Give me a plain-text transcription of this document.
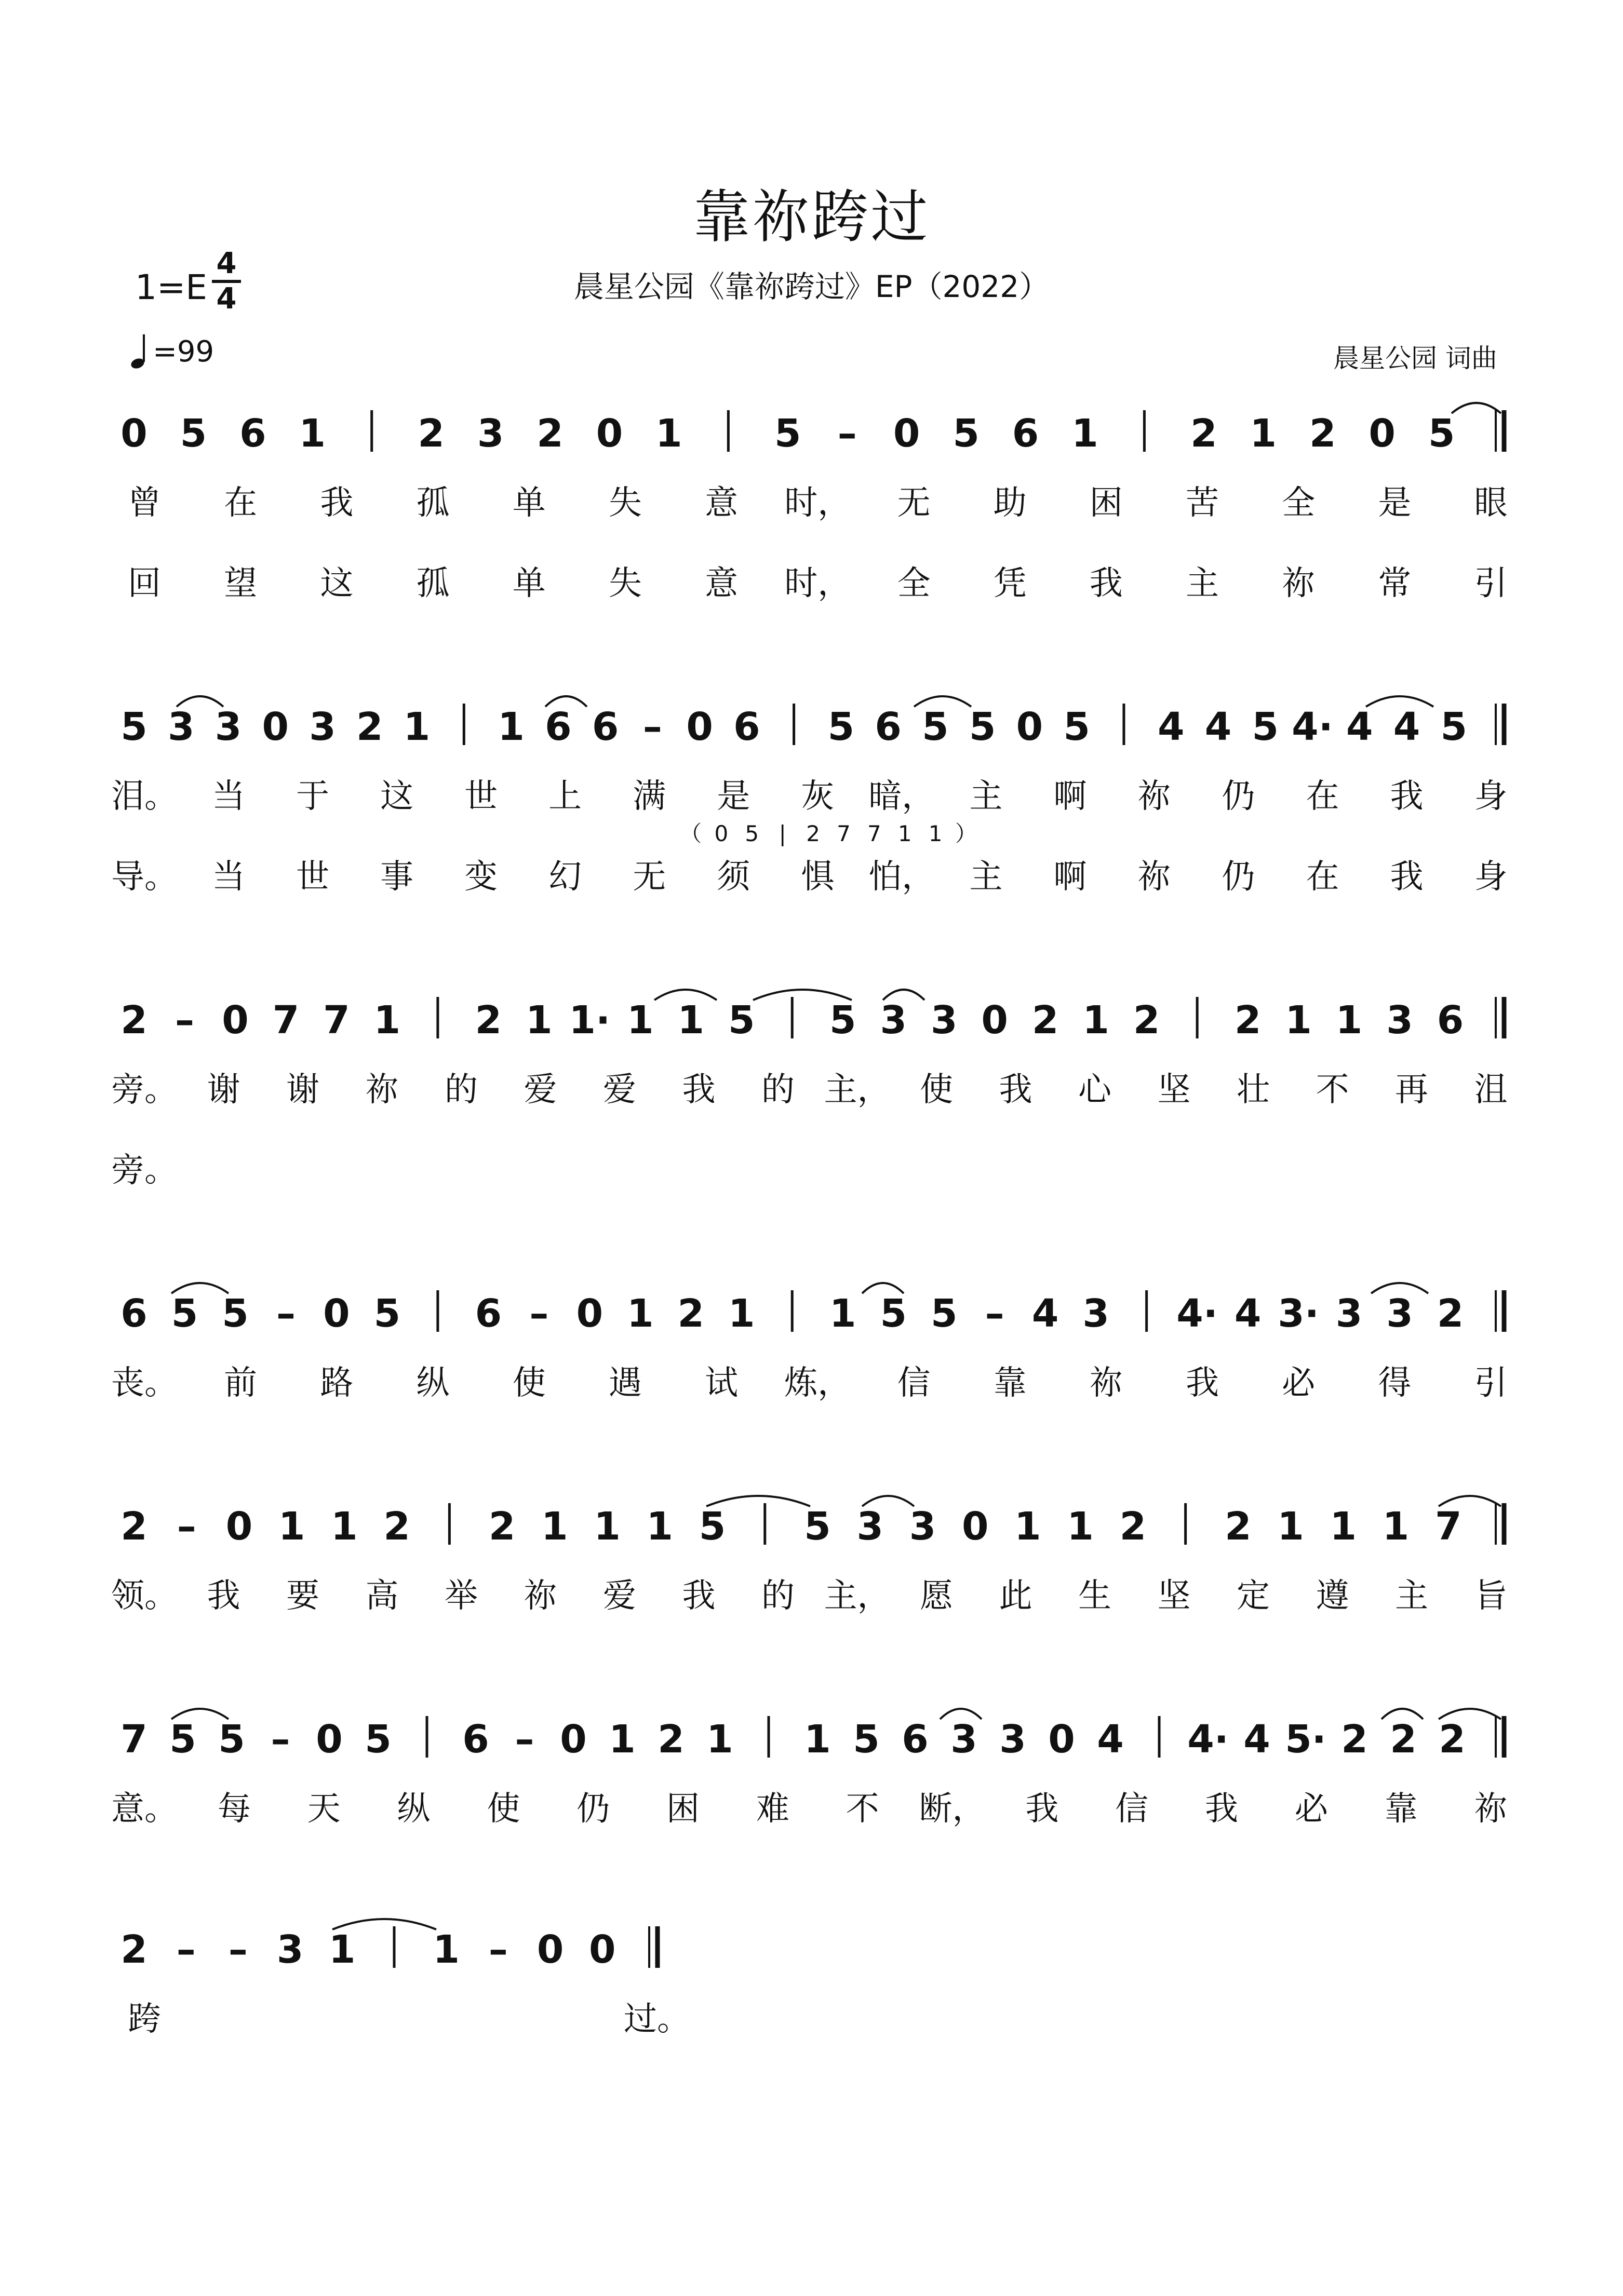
靠祢跨过
晨星公园《靠祢跨过》EP（2022）
1=E
4
4
=99	晨星公园 词曲
0 5 6 1 2 3 2 0 1 5 – 0 5 6 1 2 1 2 0 5
曾 在 我 孤 单 失 意 时， 无 助 困 苦 全 是 眼
回 望 这 孤 单 失 意 时， 全 凭 我 主 祢 常 引
5 3 3 0 3 2 1 1 6 6 – 0 6 5 6 5 5 0 5 4 4 5 4· 4 4 5
泪。 当 于 这 世 上 满 是 灰 暗， 主 啊 祢 仍 在 我 身
导。 当 世 事 变 幻 无 须 惧 怕， 主 啊 祢 仍 在 我 身
（ 0 5 | 2 7 7 1 1 ）
2 – 0 7 7 1 2 1 1· 1 1 5 5 3 3 0 2 1 2 2 1 1 3 6
旁。 谢 谢 祢 的 爱 爱 我 的 主， 使 我 心 坚 壮 不 再 沮
旁。
6 5 5 – 0 5 6 – 0 1 2 1 1 5 5 – 4 3 4· 4 3· 3 3 2
丧。 前 路 纵 使 遇 试 炼， 信 靠 祢 我 必 得 引
2 – 0 1 1 2 2 1 1 1 5 5 3 3 0 1 1 2 2 1 1 1 7
领。 我 要 高 举 祢 爱 我 的 主， 愿 此 生 坚 定 遵 主 旨
7 5 5 – 0 5 6 – 0 1 2 1 1 5 6 3 3 0 4 4· 4 5· 2 2 2
意。 每 天 纵 使 仍 困 难 不 断， 我 信 我 必 靠 祢
2 – – 3 1 1 – 0 0
跨	过。
